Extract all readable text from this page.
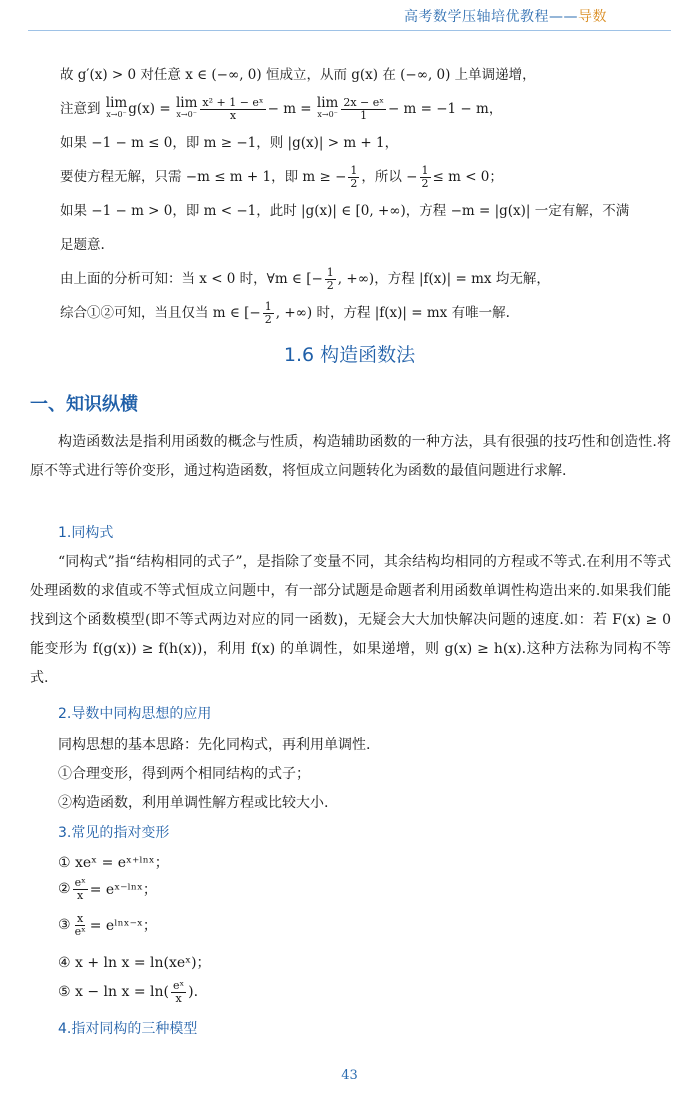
高考数学压轴培优教程——导数
故 g′(x) > 0 对任意 x ∈ (−∞, 0) 恒成立，从而 g(x) 在 (−∞, 0) 上单调递增，
注意到
lim
x→0⁻ g(x) =
lim
$x\to 0^- \frac{\text{x² + 1 − eˣ}}{x} - m$ =
lim
$x\to 0^- \frac{\text{2x − eˣ}}{1} - m = -1 - m$，
如果 −1 − m ≤ 0，即 m ≥ −1，则 |g(x)| > m + 1，
要使方程无解，只需 −m ≤ m + 1，即 m ≥ − $\frac{1}{2}$ ，所以 − $\frac{1}{2} \le m < 0$；
如果 −1 − m > 0，即 m < −1，此时 |g(x)| ∈ [0, +∞)，方程 −m = |g(x)| 一定有解，不满
足题意.
由上面的分析可知：当 x < 0 时，∀m ∈ [− $\frac{1}{2}$ , +∞)，方程 |f(x)| = mx 均无解，
综合①②可知，当且仅当 m ∈ [− $\frac{1}{2}$ , +∞) 时，方程 |f(x)| = mx 有唯一解.
1.6 构造函数法
一、知识纵横
构造函数法是指利用函数的概念与性质，构造辅助函数的一种方法，具有很强的技巧性和创造性.将原不等式进行等价变形，通过构造函数，将恒成立问题转化为函数的最值问题进行求解.
1.同构式
“同构式”指“结构相同的式子”，是指除了变量不同，其余结构均相同的方程或不等式.在利用不等式处理函数的求值或不等式恒成立问题中，有一部分试题是命题者利用函数单调性构造出来的.如果我们能找到这个函数模型(即不等式两边对应的同一函数)，无疑会大大加快解决问题的速度.如：若 F(x) ≥ 0 能变形为 f(g(x)) ≥ f(h(x))，利用 f(x) 的单调性，如果递增，则 g(x) ≥ h(x).这种方法称为同构不等式.
2.导数中同构思想的应用
同构思想的基本思路：先化同构式，再利用单调性.
①合理变形，得到两个相同结构的式子；
②构造函数，利用单调性解方程或比较大小.
3.常见的指对变形
① xeˣ = eˣ⁺ˡⁿˣ；
② $\frac{\text{eˣ}}{x}$ = eˣ⁻ˡⁿˣ；
③ $\frac{x}{\text{eˣ}}$ = eˡⁿˣ⁻ˣ；
④ x + ln x = ln(xeˣ)；
⑤ $x - \ln x = \ln( \frac{\text{eˣ}}{x}$ ).
4.指对同构的三种模型
43
